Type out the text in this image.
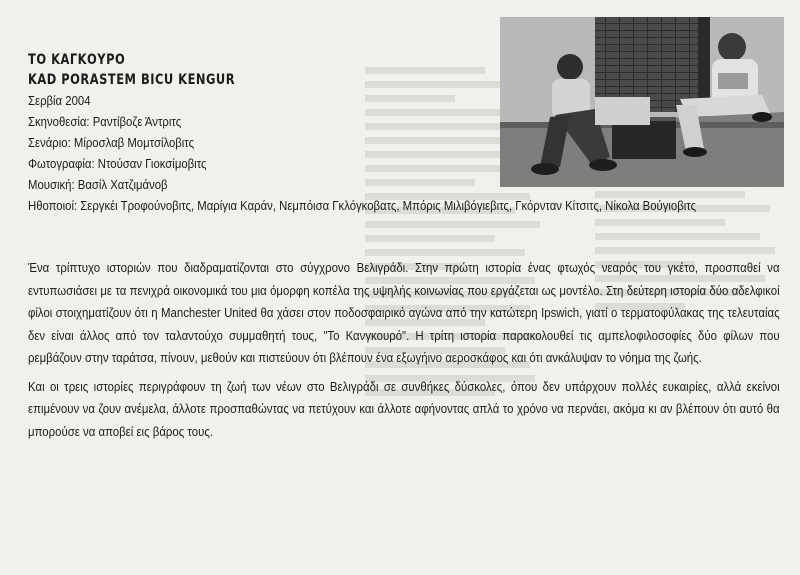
ΤΟ ΚΑΓΚΟΥΡΟ
KAD PORASTEM BICU KENGUR
Σερβία 2004
Σκηνοθεσία: Ραντίβοζε Άντριτς
Σενάριο: Μίροσλαβ Μομτσίλοβιτς
Φωτογραφία: Ντούσαν Γιοκσίμοβιτς
Μουσική: Βασίλ Χατζιμάνοβ
Ηθοποιοί: Σεργκέι Τροφούνοβιτς, Μαρίγια Καράν, Νεμπόισα Γκλόγκοβατς, Μπόρις Μιλιβόγιεβιτς, Γκόρνταν Κίτσιτς, Νίκολα Βούγιοβιτς

Ένα τρίπτυχο ιστοριών που διαδραματίζονται στο σύγχρονο Βελιγράδι. Στην πρώτη ιστορία ένας φτωχός νεαρός του γκέτο, προσπαθεί να εντυπωσιάσει με τα πενιχρά οικονομικά του μια όμορφη κοπέλα της υψηλής κοινωνίας που εργάζεται ως μοντέλο. Στη δεύτερη ιστορία δύο αδελφικοί φίλοι στοιχηματίζουν ότι η Manchester United θα χάσει στον ποδοσφαιρικό αγώνα από την κατώτερη Ipswich, γιατί ο τερματοφύλακας της τελευταίας δεν είναι άλλος από τον ταλαντούχο συμμαθητή τους, "Το Κανγκουρό". Η τρίτη ιστορία παρακολουθεί τις αμπελοφιλοσοφίες δύο φίλων που ρεμβάζουν στην ταράτσα, πίνουν, μεθούν και πιστεύουν ότι βλέπουν ένα εξωγήινο αεροσκάφος και ότι ανκάλυψαν το νόημα της ζωής.

Και οι τρεις ιστορίες περιγράφουν τη ζωή των νέων στο Βελιγράδι σε συνθήκες δύσκολες, όπου δεν υπάρχουν πολλές ευκαιρίες, αλλά εκείνοι επιμένουν να ζουν ανέμελα, άλλοτε προσπαθώντας να πετύχουν και άλλοτε αφήνοντας απλά το χρόνο να περνάει, ακόμα κι αν βλέπουν ότι αυτό θα μπορούσε να αποβεί εις βάρος τους.
